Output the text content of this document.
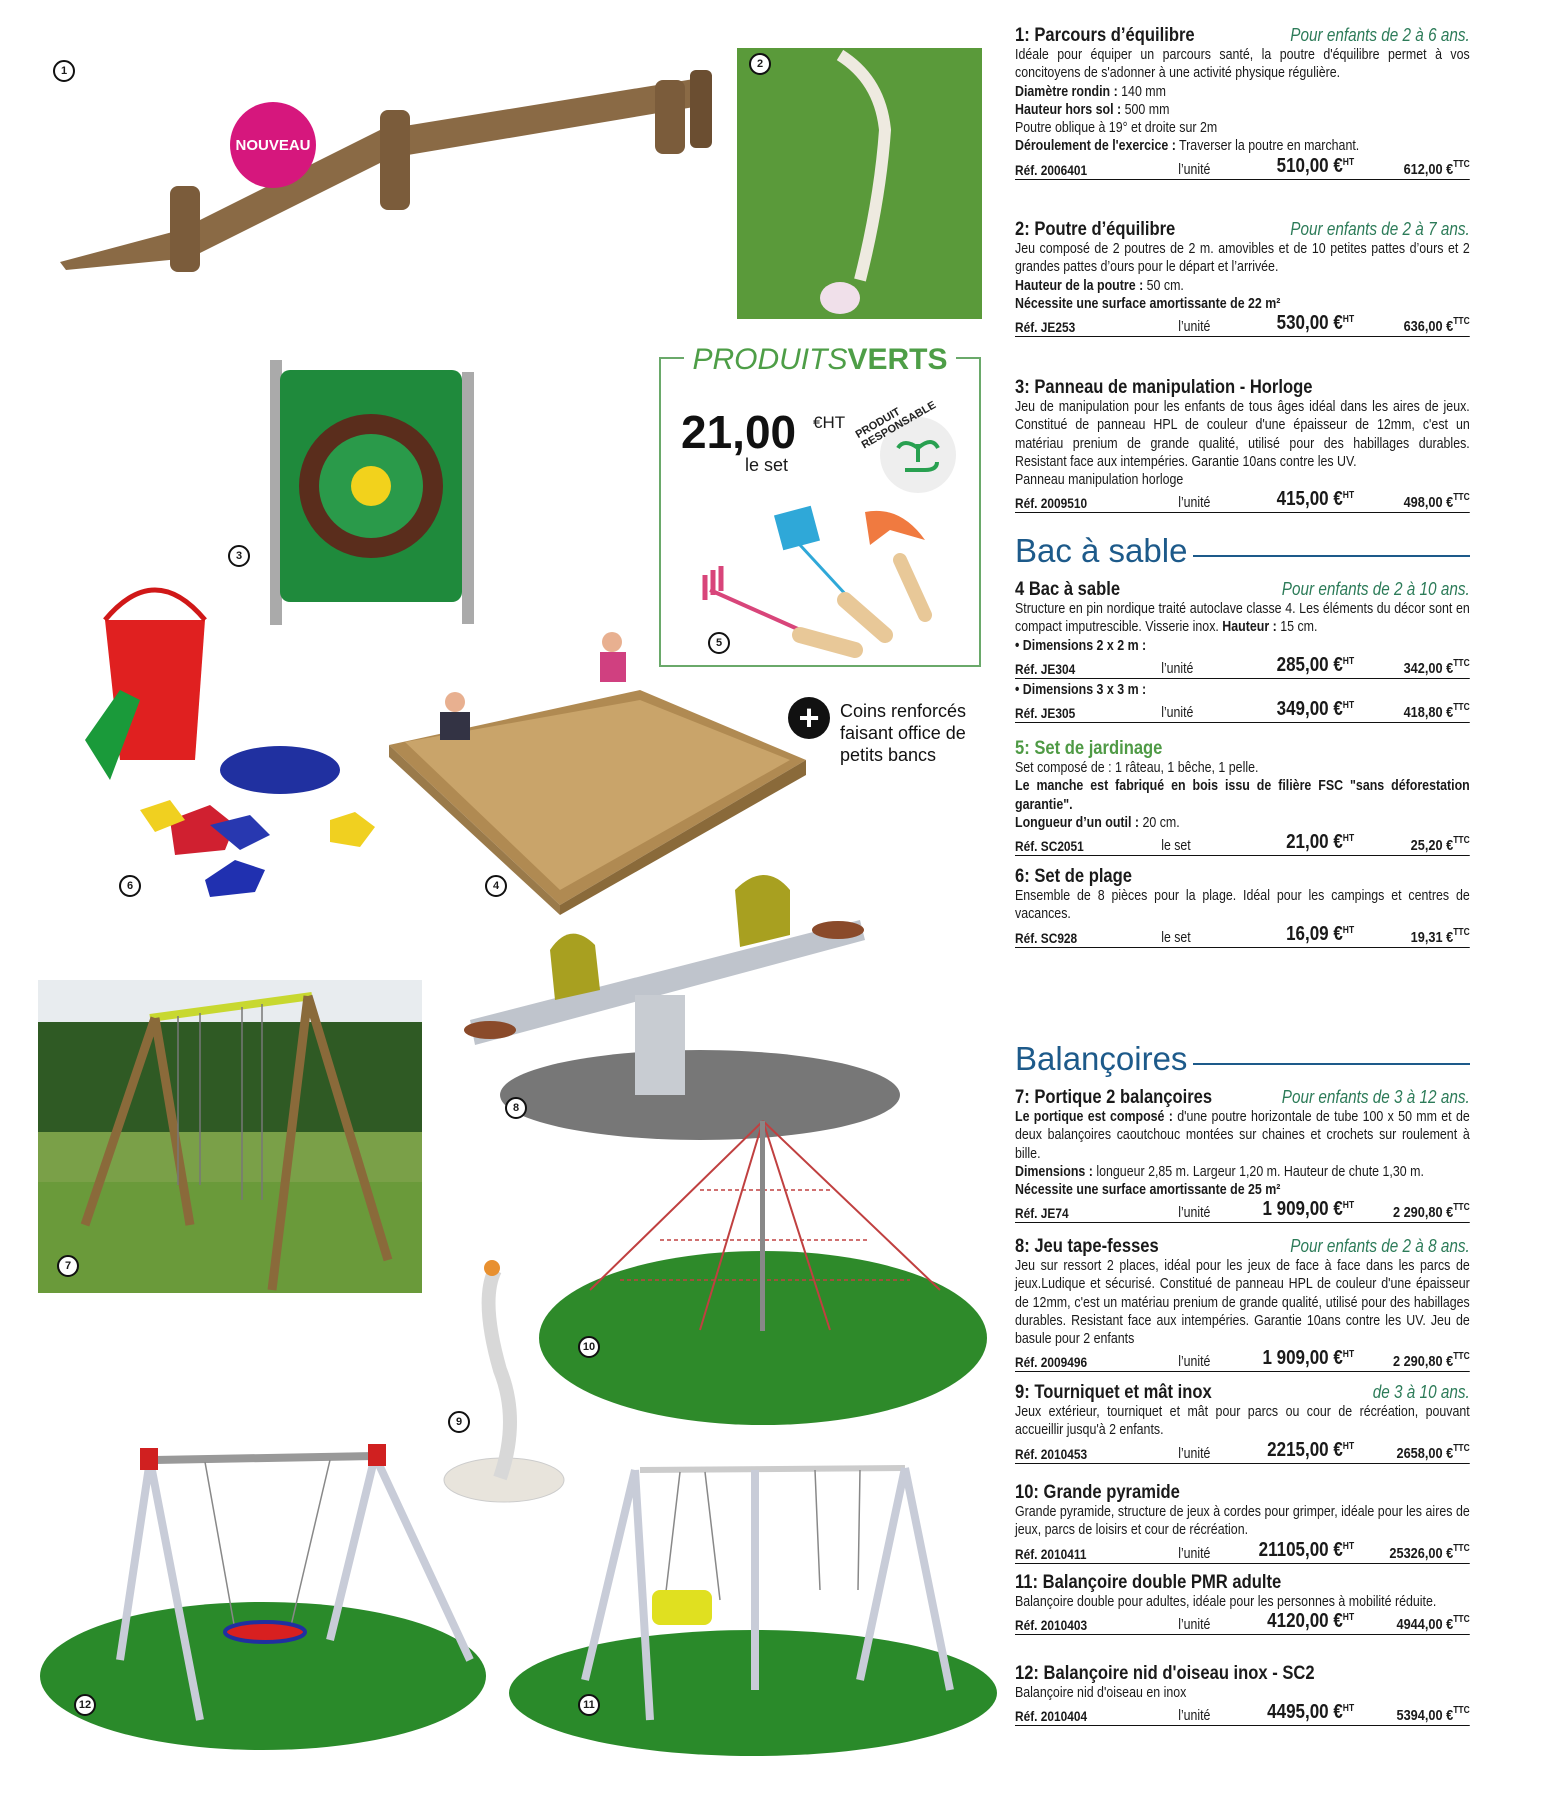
NOUVEAU
PRODUITSVERTS
21,00 €HT
le set
PRODUIT RESPONSABLE
+	Coins renforcés
faisant office de
petits bancs
1
2
3
4
5
6
7
8
9
10
11
12
Bac à sable
Balançoires
1: Parcours d’équilibre	Pour enfants de 2 à 6 ans.
Idéale pour équiper un parcours santé, la poutre d'équilibre permet à vos concitoyens de s'adonner à une activité physique régulière.
Diamètre rondin : 140 mm
Hauteur hors sol : 500 mm
Poutre oblique à 19° et droite sur 2m
Déroulement de l'exercice : Traverser la poutre en marchant.
Réf. 2006401	l’unité	510,00 €$^{HT}$	612,00 €$^{TTC}$
2: Poutre d’équilibre	Pour enfants de 2 à 7 ans.
Jeu composé de 2 poutres de 2 m. amovibles et de 10 petites pattes d’ours et 2 grandes pattes d’ours pour le départ et l’arrivée.
Hauteur de la poutre : 50 cm.
Nécessite une surface amortissante de 22 m²
Réf. JE253	l’unité	530,00 €$^{HT}$	636,00 €$^{TTC}$
3: Panneau de manipulation - Horloge
Jeu de manipulation pour les enfants de tous âges idéal dans les aires de jeux. Constitué de panneau HPL de couleur d'une épaisseur de 12mm, c'est un matériau prenium de grande qualité, utilisé pour des habillages durables. Resistant face aux intempéries. Garantie 10ans contre les UV.
Panneau manipulation horloge
Réf. 2009510	l’unité	415,00 €$^{HT}$	498,00 €$^{TTC}$
4 Bac à sable	Pour enfants de 2 à 10 ans.
Structure en pin nordique traité autoclave classe 4. Les éléments du décor sont en compact imputrescible. Visserie inox. Hauteur : 15 cm.
• Dimensions 2 x 2 m :
Réf. JE304	l’unité	285,00 €$^{HT}$	342,00 €$^{TTC}$
• Dimensions 3 x 3 m :
Réf. JE305	l’unité	349,00 €$^{HT}$	418,80 €$^{TTC}$
5: Set de jardinage
Set composé de : 1 râteau, 1 bêche, 1 pelle.
Le manche est fabriqué en bois issu de filière FSC "sans déforestation garantie".
Longueur d’un outil : 20 cm.
Réf. SC2051	le set	21,00 €$^{HT}$	25,20 €$^{TTC}$
6: Set de plage
Ensemble de 8 pièces pour la plage. Idéal pour les campings et centres de vacances.
Réf. SC928	le set	16,09 €$^{HT}$	19,31 €$^{TTC}$
7: Portique 2 balançoires	Pour enfants de 3 à 12 ans.
Le portique est composé : d'une poutre horizontale de tube 100 x 50 mm et de deux balançoires caoutchouc montées sur chaines et crochets sur roulement à bille.
Dimensions : longueur 2,85 m. Largeur 1,20 m. Hauteur de chute 1,30 m.
Nécessite une surface amortissante de 25 m²
Réf. JE74	l’unité	1 909,00 €$^{HT}$	2 290,80 €$^{TTC}$
8: Jeu tape-fesses	Pour enfants de 2 à 8 ans.
Jeu sur ressort 2 places, idéal pour les jeux de face à face dans les parcs de jeux.Ludique et sécurisé. Constitué de panneau HPL de couleur d'une épaisseur de 12mm, c'est un matériau prenium de grande qualité, utilisé pour des habillages durables. Resistant face aux intempéries. Garantie 10ans contre les UV. Jeu de basule pour 2 enfants
Réf. 2009496	l’unité	1 909,00 €$^{HT}$	2 290,80 €$^{TTC}$
9: Tourniquet et mât inox	de 3 à 10 ans.
Jeux extérieur, tourniquet et mât pour parcs ou cour de récréation, pouvant accueillir jusqu'à 2 enfants.
Réf. 2010453	l’unité	2215,00 €$^{HT}$	2658,00 €$^{TTC}$
10: Grande pyramide
Grande pyramide, structure de jeux à cordes pour grimper, idéale pour les aires de jeux, parcs de loisirs et cour de récréation.
Réf. 2010411	l’unité 21105,00 €$^{HT}$ 25326,00 €$^{TTC}$
11: Balançoire double PMR adulte
Balançoire double pour adultes, idéale pour les personnes à mobilité réduite.
Réf. 2010403	l’unité	4120,00 €$^{HT}$	4944,00 €$^{TTC}$
12: Balançoire nid d'oiseau inox - SC2
Balançoire nid d'oiseau en inox
Réf. 2010404	l’unité	4495,00 €$^{HT}$	5394,00 €$^{TTC}$
